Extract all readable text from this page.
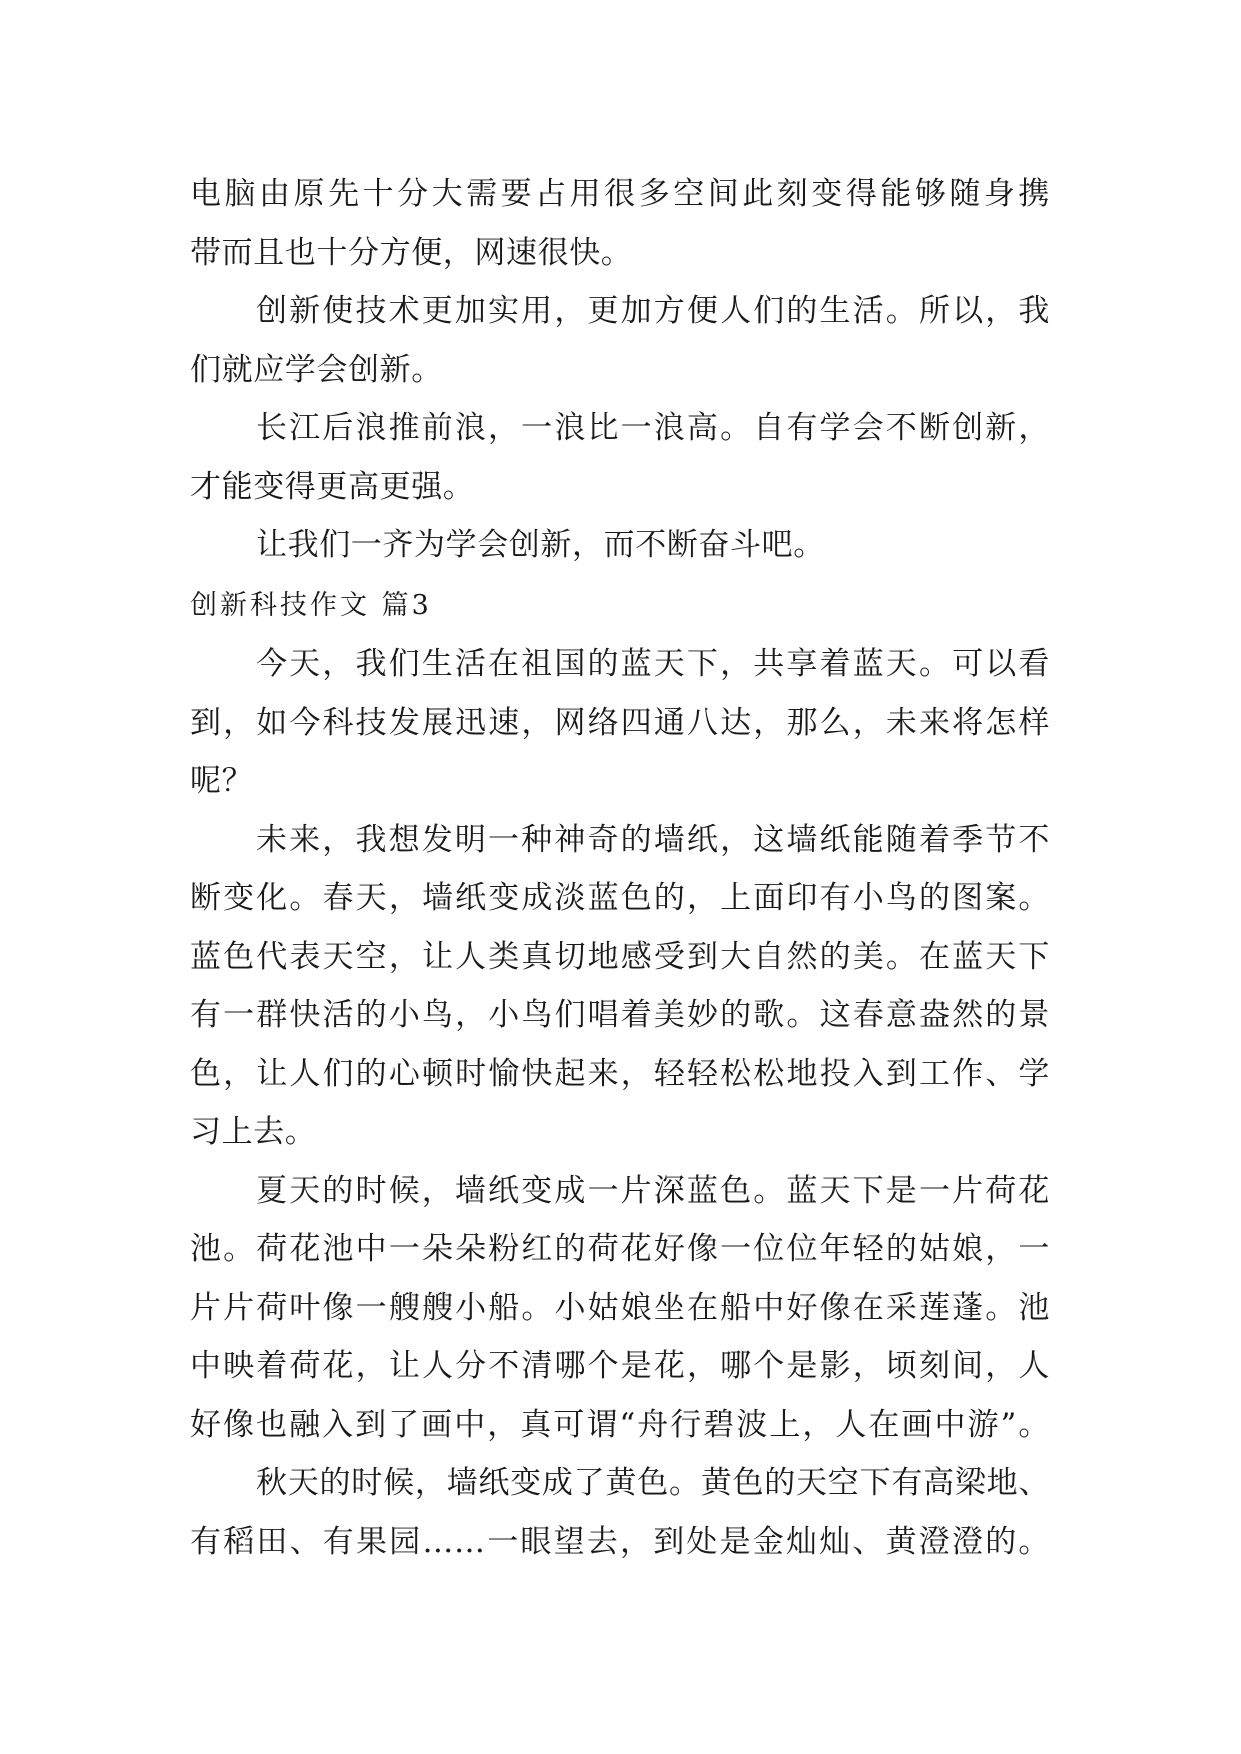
电脑由原先十分大需要占用很多空间此刻变得能够随身携
带而且也十分方便，网速很快。
创新使技术更加实用，更加方便人们的生活。所以，我
们就应学会创新。
长江后浪推前浪，一浪比一浪高。自有学会不断创新，
才能变得更高更强。
让我们一齐为学会创新，而不断奋斗吧。
创新科技作文 篇3
今天，我们生活在祖国的蓝天下，共享着蓝天。可以看
到，如今科技发展迅速，网络四通八达，那么，未来将怎样
呢？
未来，我想发明一种神奇的墙纸，这墙纸能随着季节不
断变化。春天，墙纸变成淡蓝色的，上面印有小鸟的图案。
蓝色代表天空，让人类真切地感受到大自然的美。在蓝天下
有一群快活的小鸟，小鸟们唱着美妙的歌。这春意盎然的景
色，让人们的心顿时愉快起来，轻轻松松地投入到工作、学
习上去。
夏天的时候，墙纸变成一片深蓝色。蓝天下是一片荷花
池。荷花池中一朵朵粉红的荷花好像一位位年轻的姑娘，一
片片荷叶像一艘艘小船。小姑娘坐在船中好像在采莲蓬。池
中映着荷花，让人分不清哪个是花，哪个是影，顷刻间，人
好像也融入到了画中，真可谓“舟行碧波上，人在画中游”。
秋天的时候，墙纸变成了黄色。黄色的天空下有高梁地、
有稻田、有果园……一眼望去，到处是金灿灿、黄澄澄的。
